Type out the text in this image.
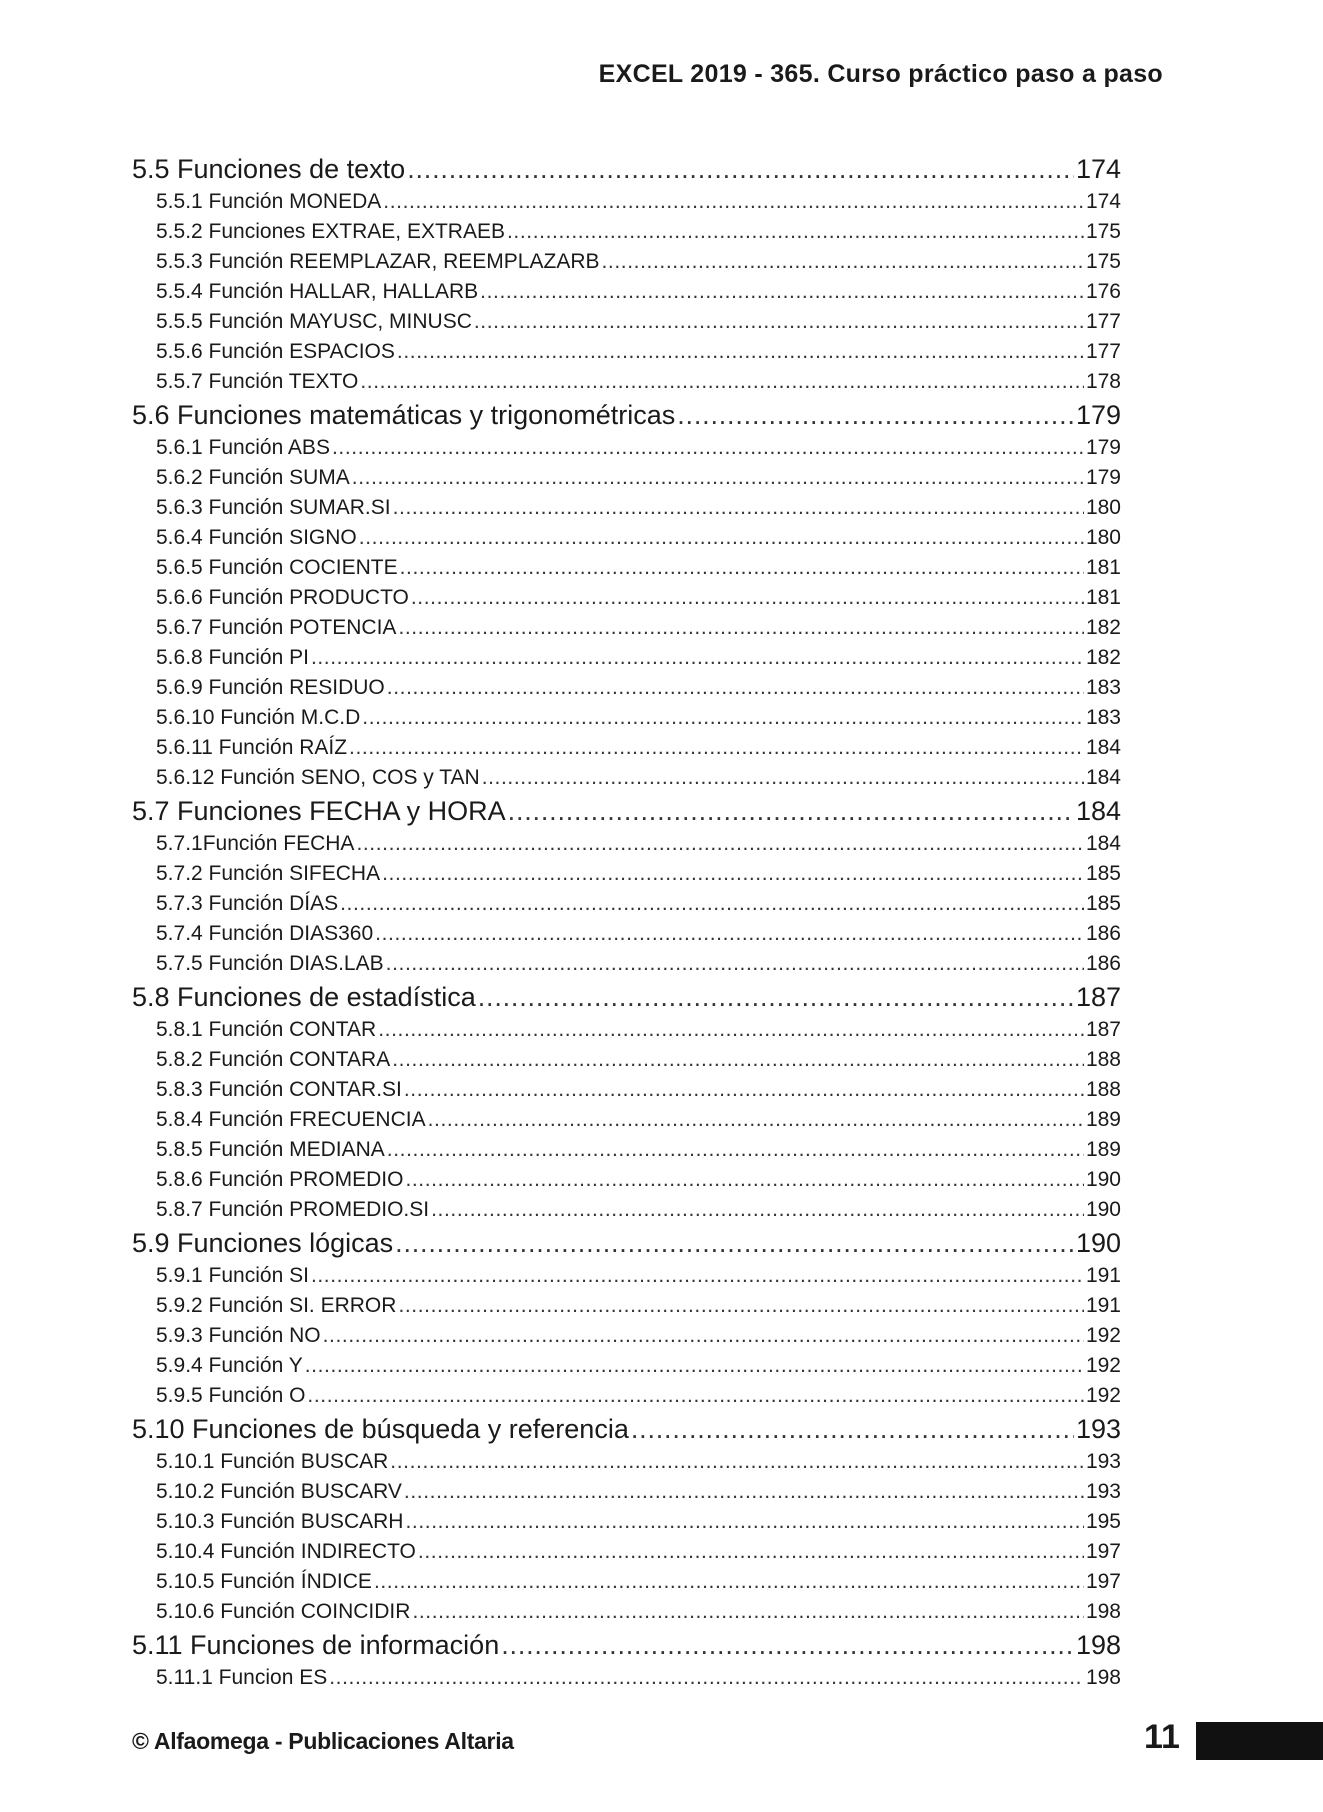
EXCEL 2019 - 365. Curso práctico paso a paso
5.5 Funciones de texto .....	174
5.5.1 Función MONEDA .....	174
5.5.2 Funciones EXTRAE, EXTRAEB .....	175
5.5.3 Función REEMPLAZAR, REEMPLAZARB .....	175
5.5.4 Función HALLAR, HALLARB .....	176
5.5.5 Función MAYUSC, MINUSC .....	177
5.5.6 Función ESPACIOS .....	177
5.5.7 Función TEXTO .....	178
5.6 Funciones matemáticas y trigonométricas .....	179
5.6.1 Función ABS .....	179
5.6.2 Función SUMA .....	179
5.6.3 Función SUMAR.SI .....	180
5.6.4 Función SIGNO .....	180
5.6.5 Función COCIENTE .....	181
5.6.6 Función PRODUCTO .....	181
5.6.7 Función POTENCIA .....	182
5.6.8 Función PI .....	182
5.6.9 Función RESIDUO .....	183
5.6.10 Función M.C.D .....	183
5.6.11 Función RAÍZ .....	184
5.6.12 Función SENO, COS y TAN .....	184
5.7 Funciones FECHA y HORA .....	184
5.7.1Función FECHA .....	184
5.7.2 Función SIFECHA .....	185
5.7.3 Función DÍAS .....	185
5.7.4 Función DIAS360 .....	186
5.7.5 Función DIAS.LAB .....	186
5.8 Funciones de estadística .....	187
5.8.1 Función CONTAR .....	187
5.8.2 Función CONTARA .....	188
5.8.3 Función CONTAR.SI .....	188
5.8.4 Función FRECUENCIA .....	189
5.8.5 Función MEDIANA .....	189
5.8.6 Función PROMEDIO .....	190
5.8.7 Función PROMEDIO.SI .....	190
5.9 Funciones lógicas .....	190
5.9.1 Función SI .....	191
5.9.2 Función SI. ERROR .....	191
5.9.3 Función NO .....	192
5.9.4 Función Y .....	192
5.9.5 Función O .....	192
5.10 Funciones de búsqueda y referencia .....	193
5.10.1 Función BUSCAR .....	193
5.10.2 Función BUSCARV .....	193
5.10.3 Función BUSCARH .....	195
5.10.4 Función INDIRECTO .....	197
5.10.5 Función ÍNDICE .....	197
5.10.6 Función COINCIDIR .....	198
5.11 Funciones de información .....	198
5.11.1 Funcion ES .....	198
© Alfaomega - Publicaciones Altaria	11
